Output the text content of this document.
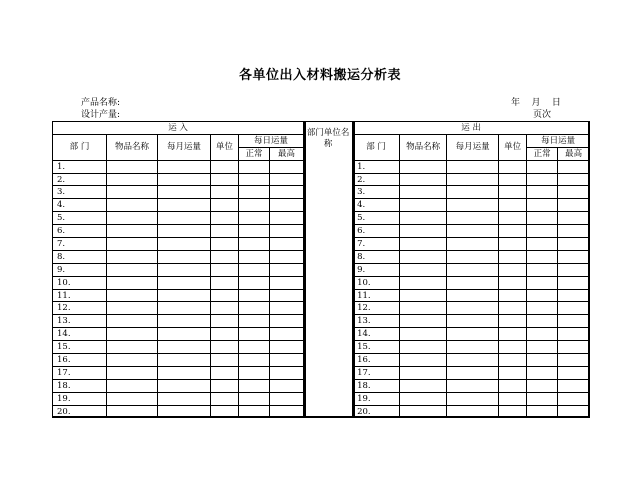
各单位出入材料搬运分析表
产品名称:
设计产量:
年    月    日
页次
运 入						部门单位名称	运 出					
部 门	物品名称	每月运量	单位	每日运量			部 门	物品名称	每月运量	单位	每日运量	
				正常	最高						正常	最高
1.							1.					
2.							2.					
3.							3.					
4.							4.					
5.							5.					
6.							6.					
7.							7.					
8.							8.					
9.							9.					
10.							10.					
11.							11.					
12.							12.					
13.							13.					
14.							14.					
15.							15.					
16.							16.					
17.							17.					
18.							18.					
19.							19.					
20.							20.					
